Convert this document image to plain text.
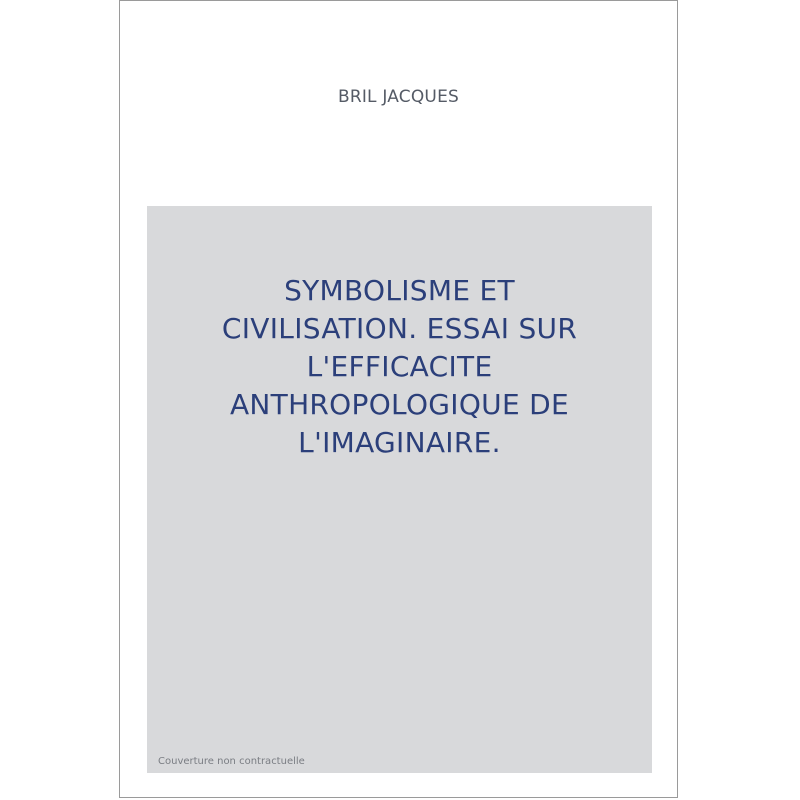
BRIL JACQUES
SYMBOLISME ET
CIVILISATION. ESSAI SUR
L'EFFICACITE
ANTHROPOLOGIQUE DE
L'IMAGINAIRE.
Couverture non contractuelle
